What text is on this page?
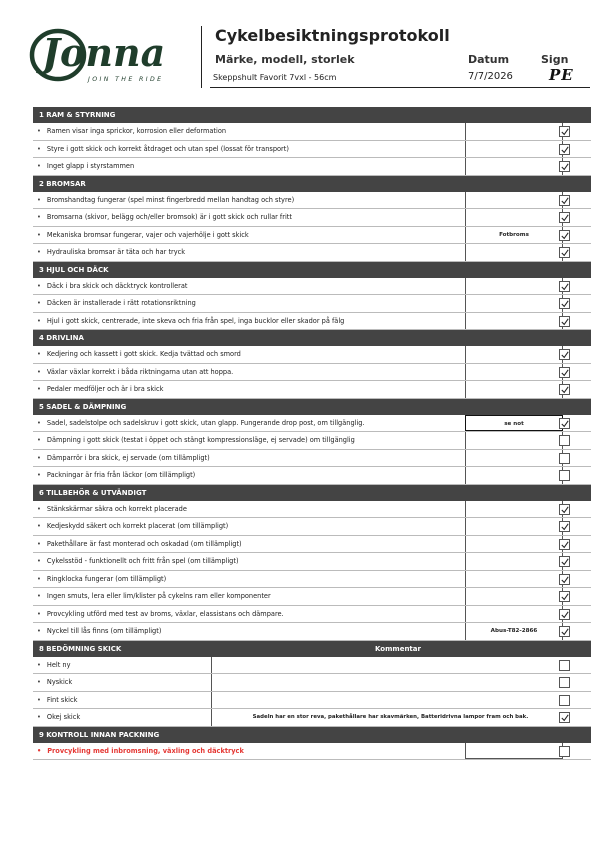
Jonna
JOIN THE RIDE
Cykelbesiktningsprotokoll
Märke, modell, storlek	Datum	Sign
Skeppshult Favorit 7vxl - 56cm	7/7/2026 PE
1 RAM & STYRNING
• Ramen visar inga sprickor, korrosion eller deformation
• Styre i gott skick och korrekt åtdraget och utan spel (lossat för transport)
• Inget glapp i styrstammen
2 BROMSAR
• Bromshandtag fungerar (spel minst fingerbredd mellan handtag och styre)
• Bromsarna (skivor, belägg och/eller bromsok) är i gott skick och rullar fritt
• Mekaniska bromsar fungerar, vajer och vajerhölje i gott skick	Fotbroms
• Hydrauliska bromsar är täta och har tryck
3 HJUL OCH DÄCK
• Däck i bra skick och däcktryck kontrollerat
• Däcken är installerade i rätt rotationsriktning
• Hjul i gott skick, centrerade, inte skeva och fria från spel, inga bucklor eller skador på fälg
4 DRIVLINA
• Kedjering och kassett i gott skick. Kedja tvättad och smord
• Växlar växlar korrekt i båda riktningarna utan att hoppa.
• Pedaler medföljer och är i bra skick
5 SADEL & DÄMPNING
• Sadel, sadelstolpe och sadelskruv i gott skick, utan glapp. Fungerande drop post, om tillgänglig.	se not
• Dämpning i gott skick (testat i öppet och stängt kompressionsläge, ej servade) om tillgänglig
• Dämparrör i bra skick, ej servade (om tillämpligt)
• Packningar är fria från läckor (om tillämpligt)
6 TILLBEHÖR & UTVÄNDIGT
• Stänkskärmar säkra och korrekt placerade
• Kedjeskydd säkert och korrekt placerat (om tillämpligt)
• Pakethållare är fast monterad och oskadad (om tillämpligt)
• Cykelsstöd - funktionellt och fritt från spel (om tillämpligt)
• Ringklocka fungerar (om tillämpligt)
• Ingen smuts, lera eller lim/klister på cykelns ram eller komponenter
• Provcykling utförd med test av broms, växlar, elassistans och dämpare.
• Nyckel till lås finns (om tillämpligt)	Abus-T82-2866
8 BEDÖMNING SKICK	Kommentar
• Helt ny
• Nyskick
• Fint skick
• Okej skick	Sadeln har en stor reva, pakethållare har skavmärken, Batteridrivna lampor fram och bak.
9 KONTROLL INNAN PACKNING
• Provcykling med inbromsning, växling och däcktryck
